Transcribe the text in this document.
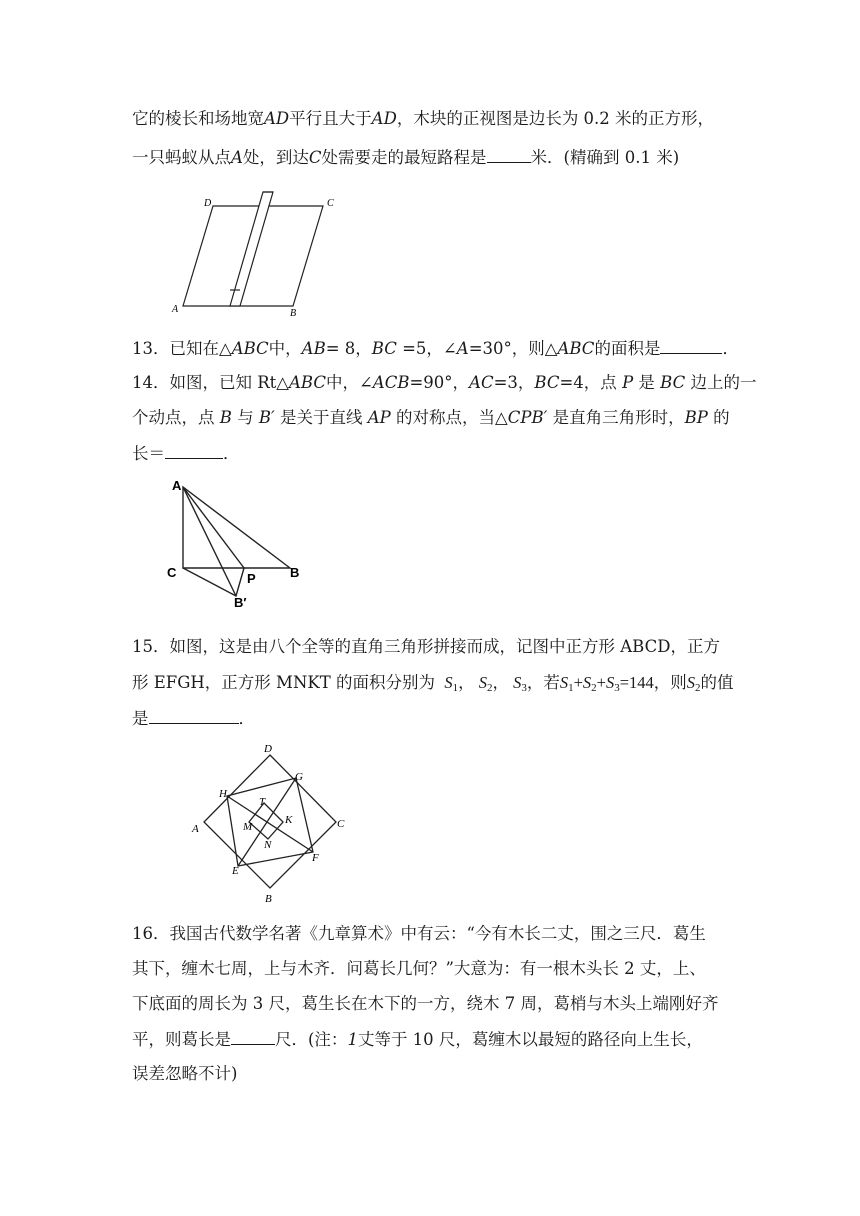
它的棱长和场地宽AD平行且大于AD，木块的正视图是边长为 0.2 米的正方形，
一只蚂蚁从点A处，到达C处需要走的最短路程是	米．(精确到 0.1 米)
D	C
A	B
13．已知在△ABC中，AB= 8，BC =5，∠A=30°，则△ABC的面积是	．
14．如图，已知 Rt△ABC中，∠ACB=90°，AC=3，BC=4，点 P 是 BC 边上的一
个动点，点 B 与 B′ 是关于直线 AP 的对称点，当△CPB′ 是直角三角形时，BP 的
长＝	．
A
C	P	B
B′
15．如图，这是由八个全等的直角三角形拼接而成，记图中正方形 ABCD，正方
形 EFGH，正方形 MNKT 的面积分别为 $S_1$， $S_2$， $S_3$，若$S_1+S_2+S_3=144$，则$S_2$的值
是	．
D
G
H
T
A	M
K	C
N
E
F
B
16．我国古代数学名著《九章算术》中有云：“今有木长二丈，围之三尺．葛生
其下，缠木七周，上与木齐．问葛长几何？”大意为：有一根木头长 2 丈，上、
下底面的周长为 3 尺，葛生长在木下的一方，绕木 7 周，葛梢与木头上端刚好齐
平，则葛长是	尺．(注：1丈等于 10 尺，葛缠木以最短的路径向上生长，
误差忽略不计)
